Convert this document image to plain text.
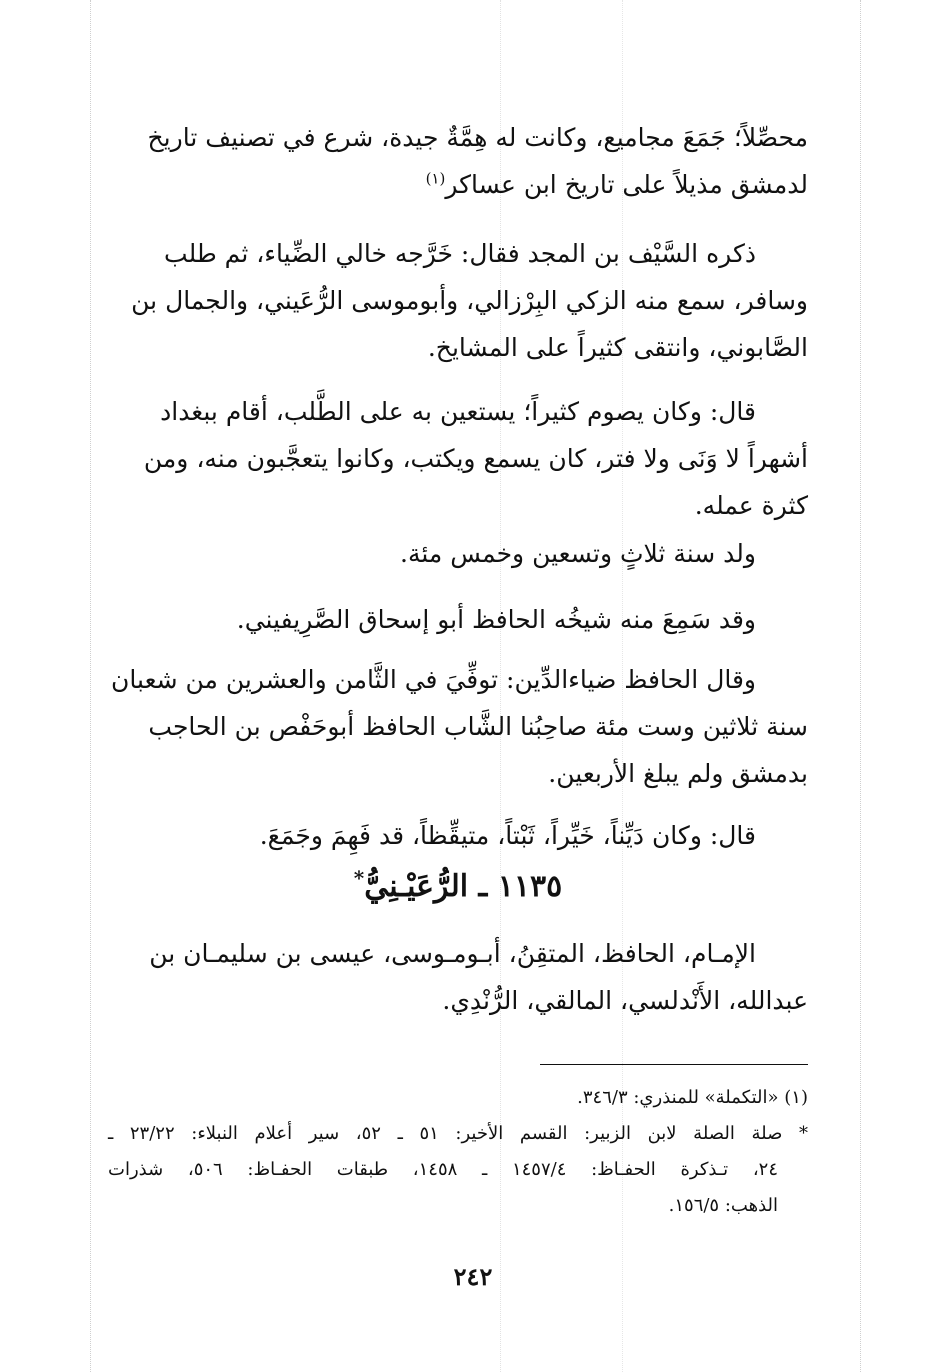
محصِّلاً؛ جَمَعَ مجاميع، وكانت له هِمَّةٌ جيدة، شرع في تصنيف تاريخ
لدمشق مذيلاً على تاريخ ابن عساكر$^{(١)}$

ذكره السَّيْف بن المجد فقال: خَرَّجه خالي الضِّياء، ثم طلب
وسافر، سمع منه الزكي البِرْزالي، وأبوموسى الرُّعَيني، والجمال بن
الصَّابوني، وانتقى كثيراً على المشايخ.

قال: وكان يصوم كثيراً؛ يستعين به على الطَّلب، أقام ببغداد
أشهراً لا وَنَى ولا فتر، كان يسمع ويكتب، وكانوا يتعجَّبون منه، ومن
كثرة عمله.

ولد سنة ثلاثٍ وتسعين وخمس مئة.

وقد سَمِعَ منه شيخُه الحافظ أبو إسحاق الصَّرِيفيني.

وقال الحافظ ضياءالدِّين: توفِّيَ في الثَّامن والعشرين من شعبان
سنة ثلاثين وست مئة صاحِبُنا الشَّاب الحافظ أبوحَفْص بن الحاجب
بدمشق ولم يبلغ الأربعين.

قال: وكان دَيِّناً، خَيِّراً، ثَبْتاً، متيقِّظاً، قد فَهِمَ وجَمَعَ.

١١٣٥ ـ الرُّعَيْـنِيُّ*

الإمـام، الحافظ، المتقِنُ، أبـومـوسى، عيسى بن سليمـان بن
عبدالله، الأَنْدلسي، المالقي، الرُّنْدِي.

(١) «التكملة» للمنذري: ٣٤٦/٣.
* صلة الصلة لابن الزبير: القسم الأخير: ٥١ ـ ٥٢، سير أعلام النبلاء: ٢٣/٢٢ ـ
٢٤، تـذكرة الحفـاظ: ١٤٥٧/٤ ـ ١٤٥٨، طبقات الحفـاظ: ٥٠٦، شذرات
الذهب: ١٥٦/٥.
٢٤٢
